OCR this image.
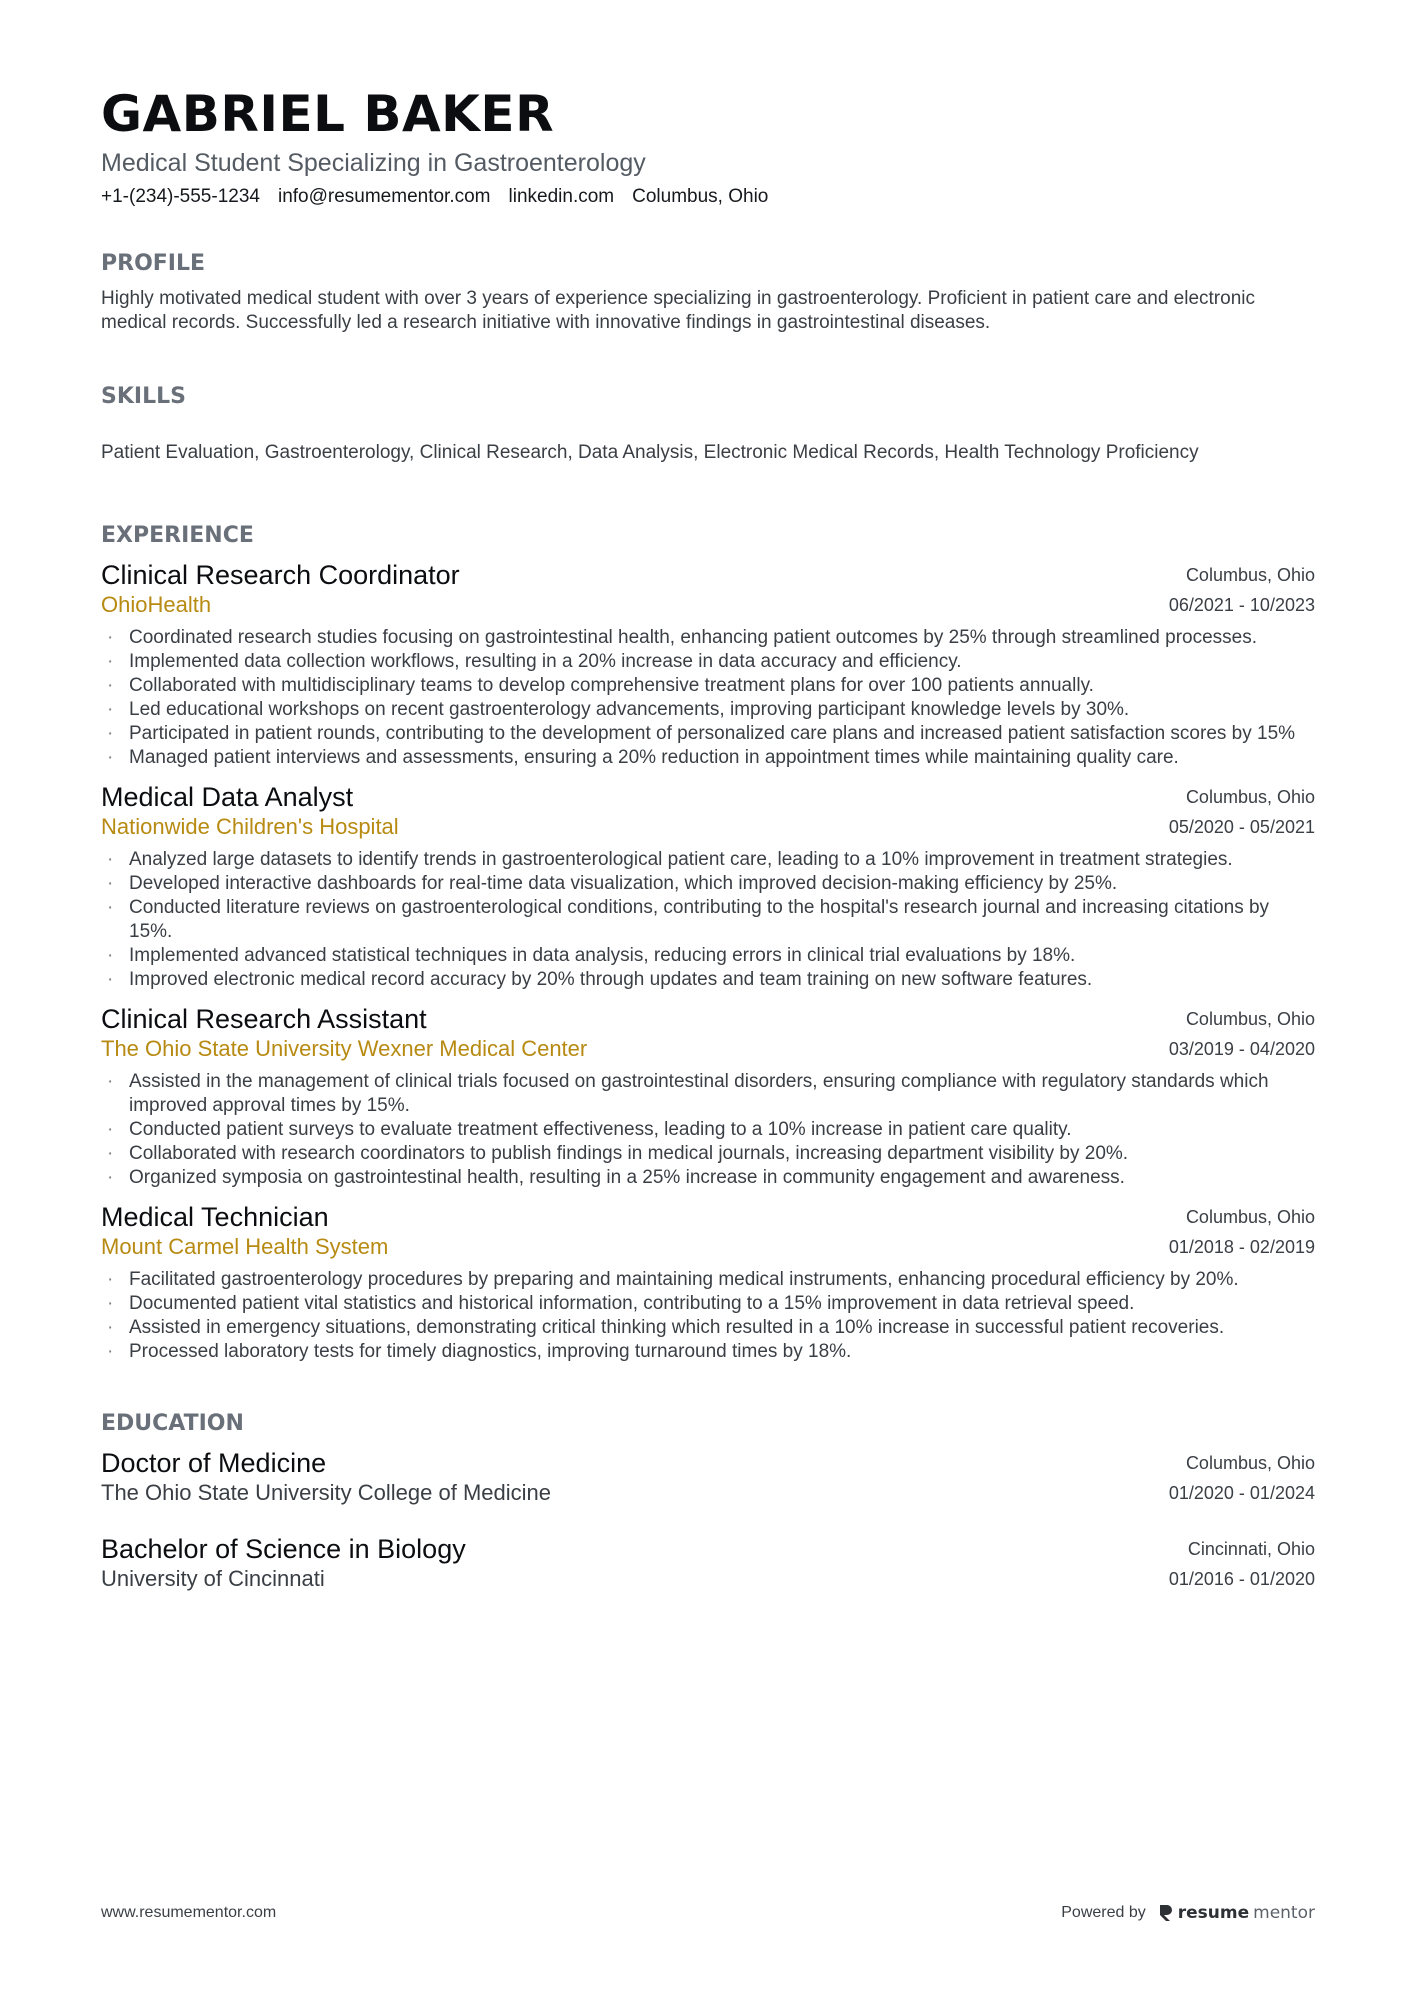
GABRIEL BAKER
Medical Student Specializing in Gastroenterology
+1-(234)-555-1234 info@resumementor.com linkedin.com Columbus, Ohio
PROFILE
Highly motivated medical student with over 3 years of experience specializing in gastroenterology. Proficient in patient care and electronic medical records. Successfully led a research initiative with innovative findings in gastrointestinal diseases.
SKILLS
Patient Evaluation, Gastroenterology, Clinical Research, Data Analysis, Electronic Medical Records, Health Technology Proficiency
EXPERIENCE
Clinical Research Coordinator
OhioHealth
Columbus, Ohio
06/2021 - 10/2023
· Coordinated research studies focusing on gastrointestinal health, enhancing patient outcomes by 25% through streamlined processes.
· Implemented data collection workflows, resulting in a 20% increase in data accuracy and efficiency.
· Collaborated with multidisciplinary teams to develop comprehensive treatment plans for over 100 patients annually.
· Led educational workshops on recent gastroenterology advancements, improving participant knowledge levels by 30%.
· Participated in patient rounds, contributing to the development of personalized care plans and increased patient satisfaction scores by 15%
· Managed patient interviews and assessments, ensuring a 20% reduction in appointment times while maintaining quality care.
Medical Data Analyst
Nationwide Children's Hospital
Columbus, Ohio
05/2020 - 05/2021
· Analyzed large datasets to identify trends in gastroenterological patient care, leading to a 10% improvement in treatment strategies.
· Developed interactive dashboards for real-time data visualization, which improved decision-making efficiency by 25%.
· Conducted literature reviews on gastroenterological conditions, contributing to the hospital's research journal and increasing citations by 15%.
· Implemented advanced statistical techniques in data analysis, reducing errors in clinical trial evaluations by 18%.
· Improved electronic medical record accuracy by 20% through updates and team training on new software features.
Clinical Research Assistant
The Ohio State University Wexner Medical Center
Columbus, Ohio
03/2019 - 04/2020
· Assisted in the management of clinical trials focused on gastrointestinal disorders, ensuring compliance with regulatory standards which improved approval times by 15%.
· Conducted patient surveys to evaluate treatment effectiveness, leading to a 10% increase in patient care quality.
· Collaborated with research coordinators to publish findings in medical journals, increasing department visibility by 20%.
· Organized symposia on gastrointestinal health, resulting in a 25% increase in community engagement and awareness.
Medical Technician
Mount Carmel Health System
Columbus, Ohio
01/2018 - 02/2019
· Facilitated gastroenterology procedures by preparing and maintaining medical instruments, enhancing procedural efficiency by 20%.
· Documented patient vital statistics and historical information, contributing to a 15% improvement in data retrieval speed.
· Assisted in emergency situations, demonstrating critical thinking which resulted in a 10% increase in successful patient recoveries.
· Processed laboratory tests for timely diagnostics, improving turnaround times by 18%.
EDUCATION
Doctor of Medicine
The Ohio State University College of Medicine
Columbus, Ohio
01/2020 - 01/2024
Bachelor of Science in Biology
University of Cincinnati
Cincinnati, Ohio
01/2016 - 01/2020
www.resumementor.com	Powered by resume mentor
